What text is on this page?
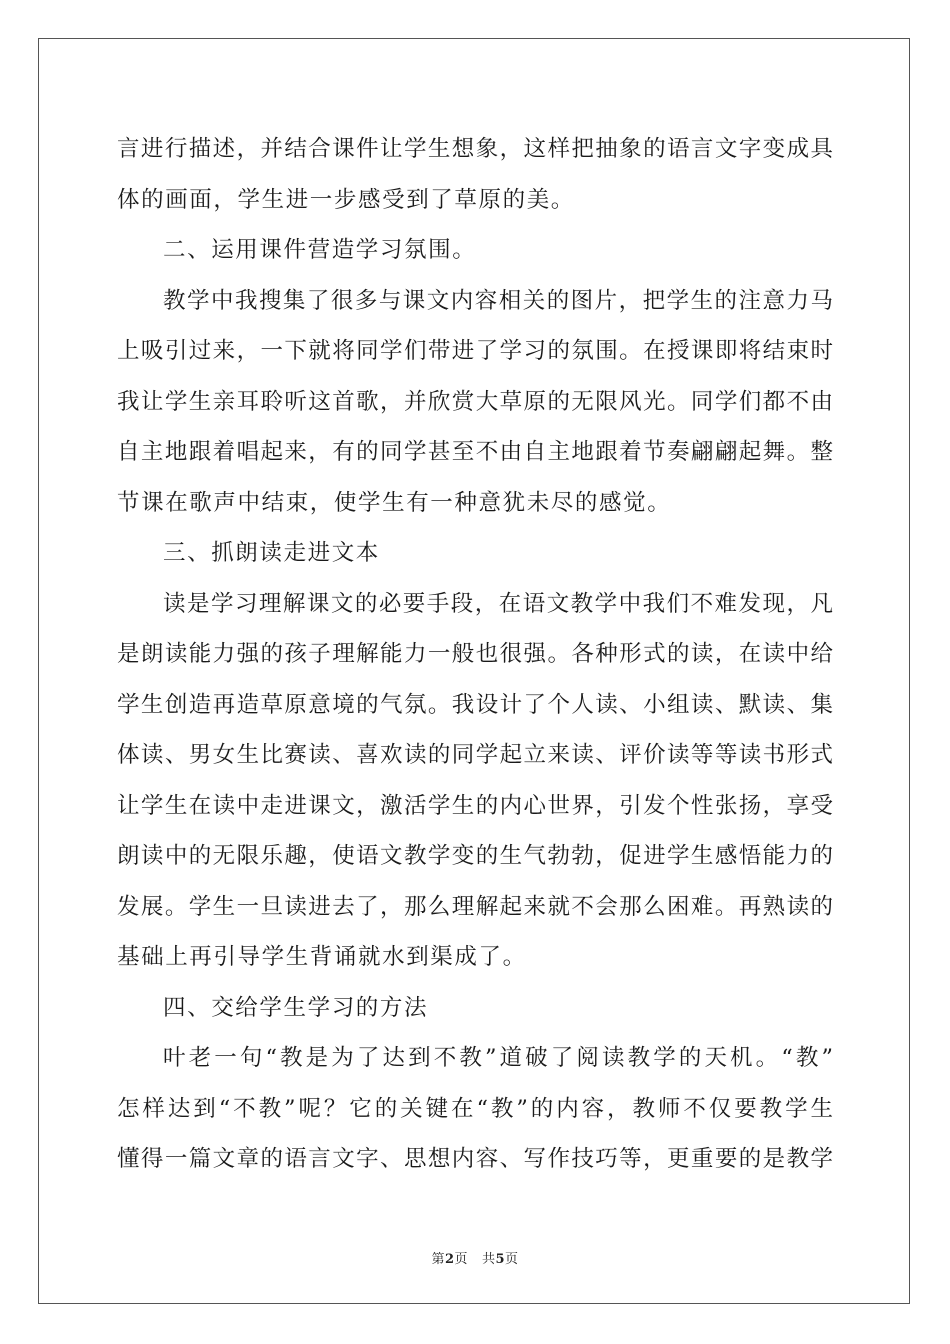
言进行描述，并结合课件让学生想象，这样把抽象的语言文字变成具
体的画面，学生进一步感受到了草原的美。
二、运用课件营造学习氛围。
教学中我搜集了很多与课文内容相关的图片，把学生的注意力马
上吸引过来，一下就将同学们带进了学习的氛围。在授课即将结束时
我让学生亲耳聆听这首歌，并欣赏大草原的无限风光。同学们都不由
自主地跟着唱起来，有的同学甚至不由自主地跟着节奏翩翩起舞。整
节课在歌声中结束，使学生有一种意犹未尽的感觉。
三、抓朗读走进文本
读是学习理解课文的必要手段，在语文教学中我们不难发现，凡
是朗读能力强的孩子理解能力一般也很强。各种形式的读，在读中给
学生创造再造草原意境的气氛。我设计了个人读、小组读、默读、集
体读、男女生比赛读、喜欢读的同学起立来读、评价读等等读书形式
让学生在读中走进课文，激活学生的内心世界，引发个性张扬，享受
朗读中的无限乐趣，使语文教学变的生气勃勃，促进学生感悟能力的
发展。学生一旦读进去了，那么理解起来就不会那么困难。再熟读的
基础上再引导学生背诵就水到渠成了。
四、交给学生学习的方法
叶老一句“教是为了达到不教”道破了阅读教学的天机。“教”
怎样达到“不教”呢？它的关键在“教”的内容，教师不仅要教学生
懂得一篇文章的语言文字、思想内容、写作技巧等，更重要的是教学
第2页 共5页
